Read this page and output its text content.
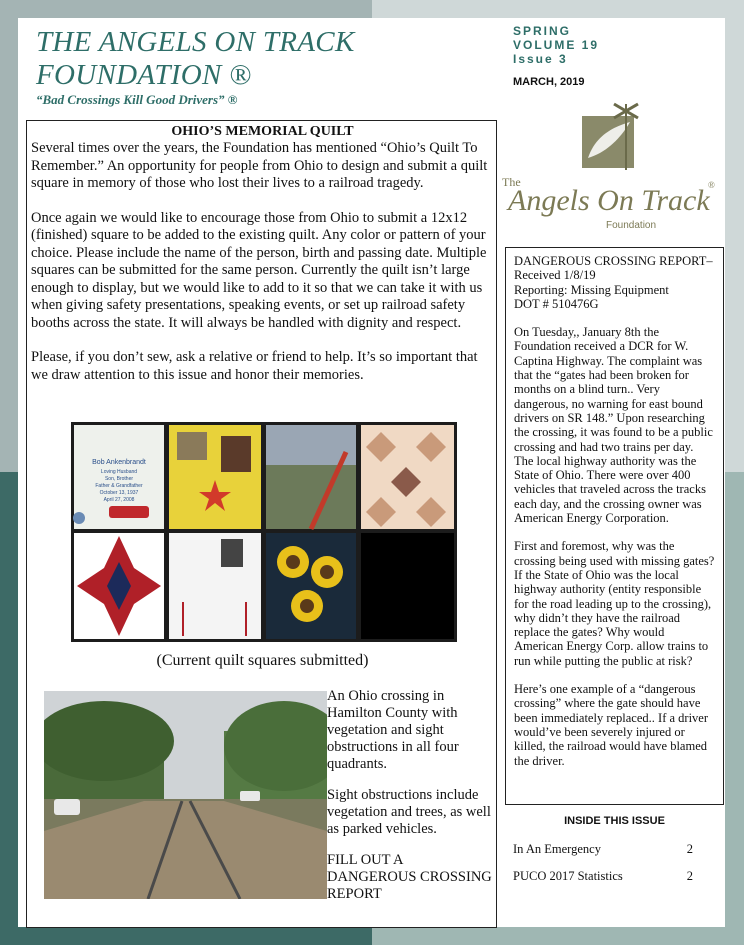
THE ANGELS ON TRACK
FOUNDATION ®
“Bad Crossings Kill Good Drivers” ®
SPRING
VOLUME 19
Issue 3
MARCH, 2019
The
Angels On Track
®
Foundation
OHIO’S MEMORIAL QUILT

Several times over the years, the Foundation has mentioned “Ohio’s Quilt To Remember.” An opportunity for people from Ohio to design and submit a quilt square in memory of those who lost their lives to a railroad tragedy.

Once again we would like to encourage those from Ohio to submit a 12x12 (finished) square to be added to the existing quilt. Any color or pattern of your choice. Please include the name of the person, birth and passing date. Multiple squares can be submitted for the same person. Currently the quilt isn’t large enough to display, but we would like to add to it so that we can take it with us when giving safety presentations, speaking events, or set up railroad safety booths across the state. It will always be handled with dignity and respect.

Please, if you don’t sew, ask a relative or friend to help. It’s so important that we draw attention to this issue and honor their memories.

Bob Ankenbrandt
Loving Husband
Son, Brother
Father & Grandfather
October 13, 1937
April 27, 2008
(Current quilt squares submitted)

An Ohio crossing in Hamilton County with vegetation and sight obstructions in all four quadrants.

Sight obstructions include vegetation and trees, as well as parked vehicles.

FILL OUT A DANGEROUS CROSSING REPORT

DANGEROUS CROSSING REPORT– Received 1/8/19
Reporting: Missing Equipment
DOT # 510476G

On Tuesday,, January 8th the Foundation received a DCR for W. Captina Highway. The complaint was that the “gates had been broken for months on a blind turn.. Very dangerous, no warning for east bound drivers on SR 148.” Upon researching the crossing, it was found to be a public crossing and had two trains per day. The local highway authority was the State of Ohio. There were over 400 vehicles that traveled across the tracks each day, and the crossing owner was American Energy Corporation.

First and foremost, why was the crossing being used with missing gates? If the State of Ohio was the local highway authority (entity responsible for the road leading up to the crossing), why didn’t they have the railroad replace the gates? Why would American Energy Corp. allow trains to run while putting the public at risk?

Here’s one example of a “dangerous crossing” where the gate should have been immediately replaced.. If a driver would’ve been severely injured or killed, the railroad would have blamed the driver.

INSIDE THIS ISSUE
In An Emergency	2
PUCO 2017 Statistics	2
